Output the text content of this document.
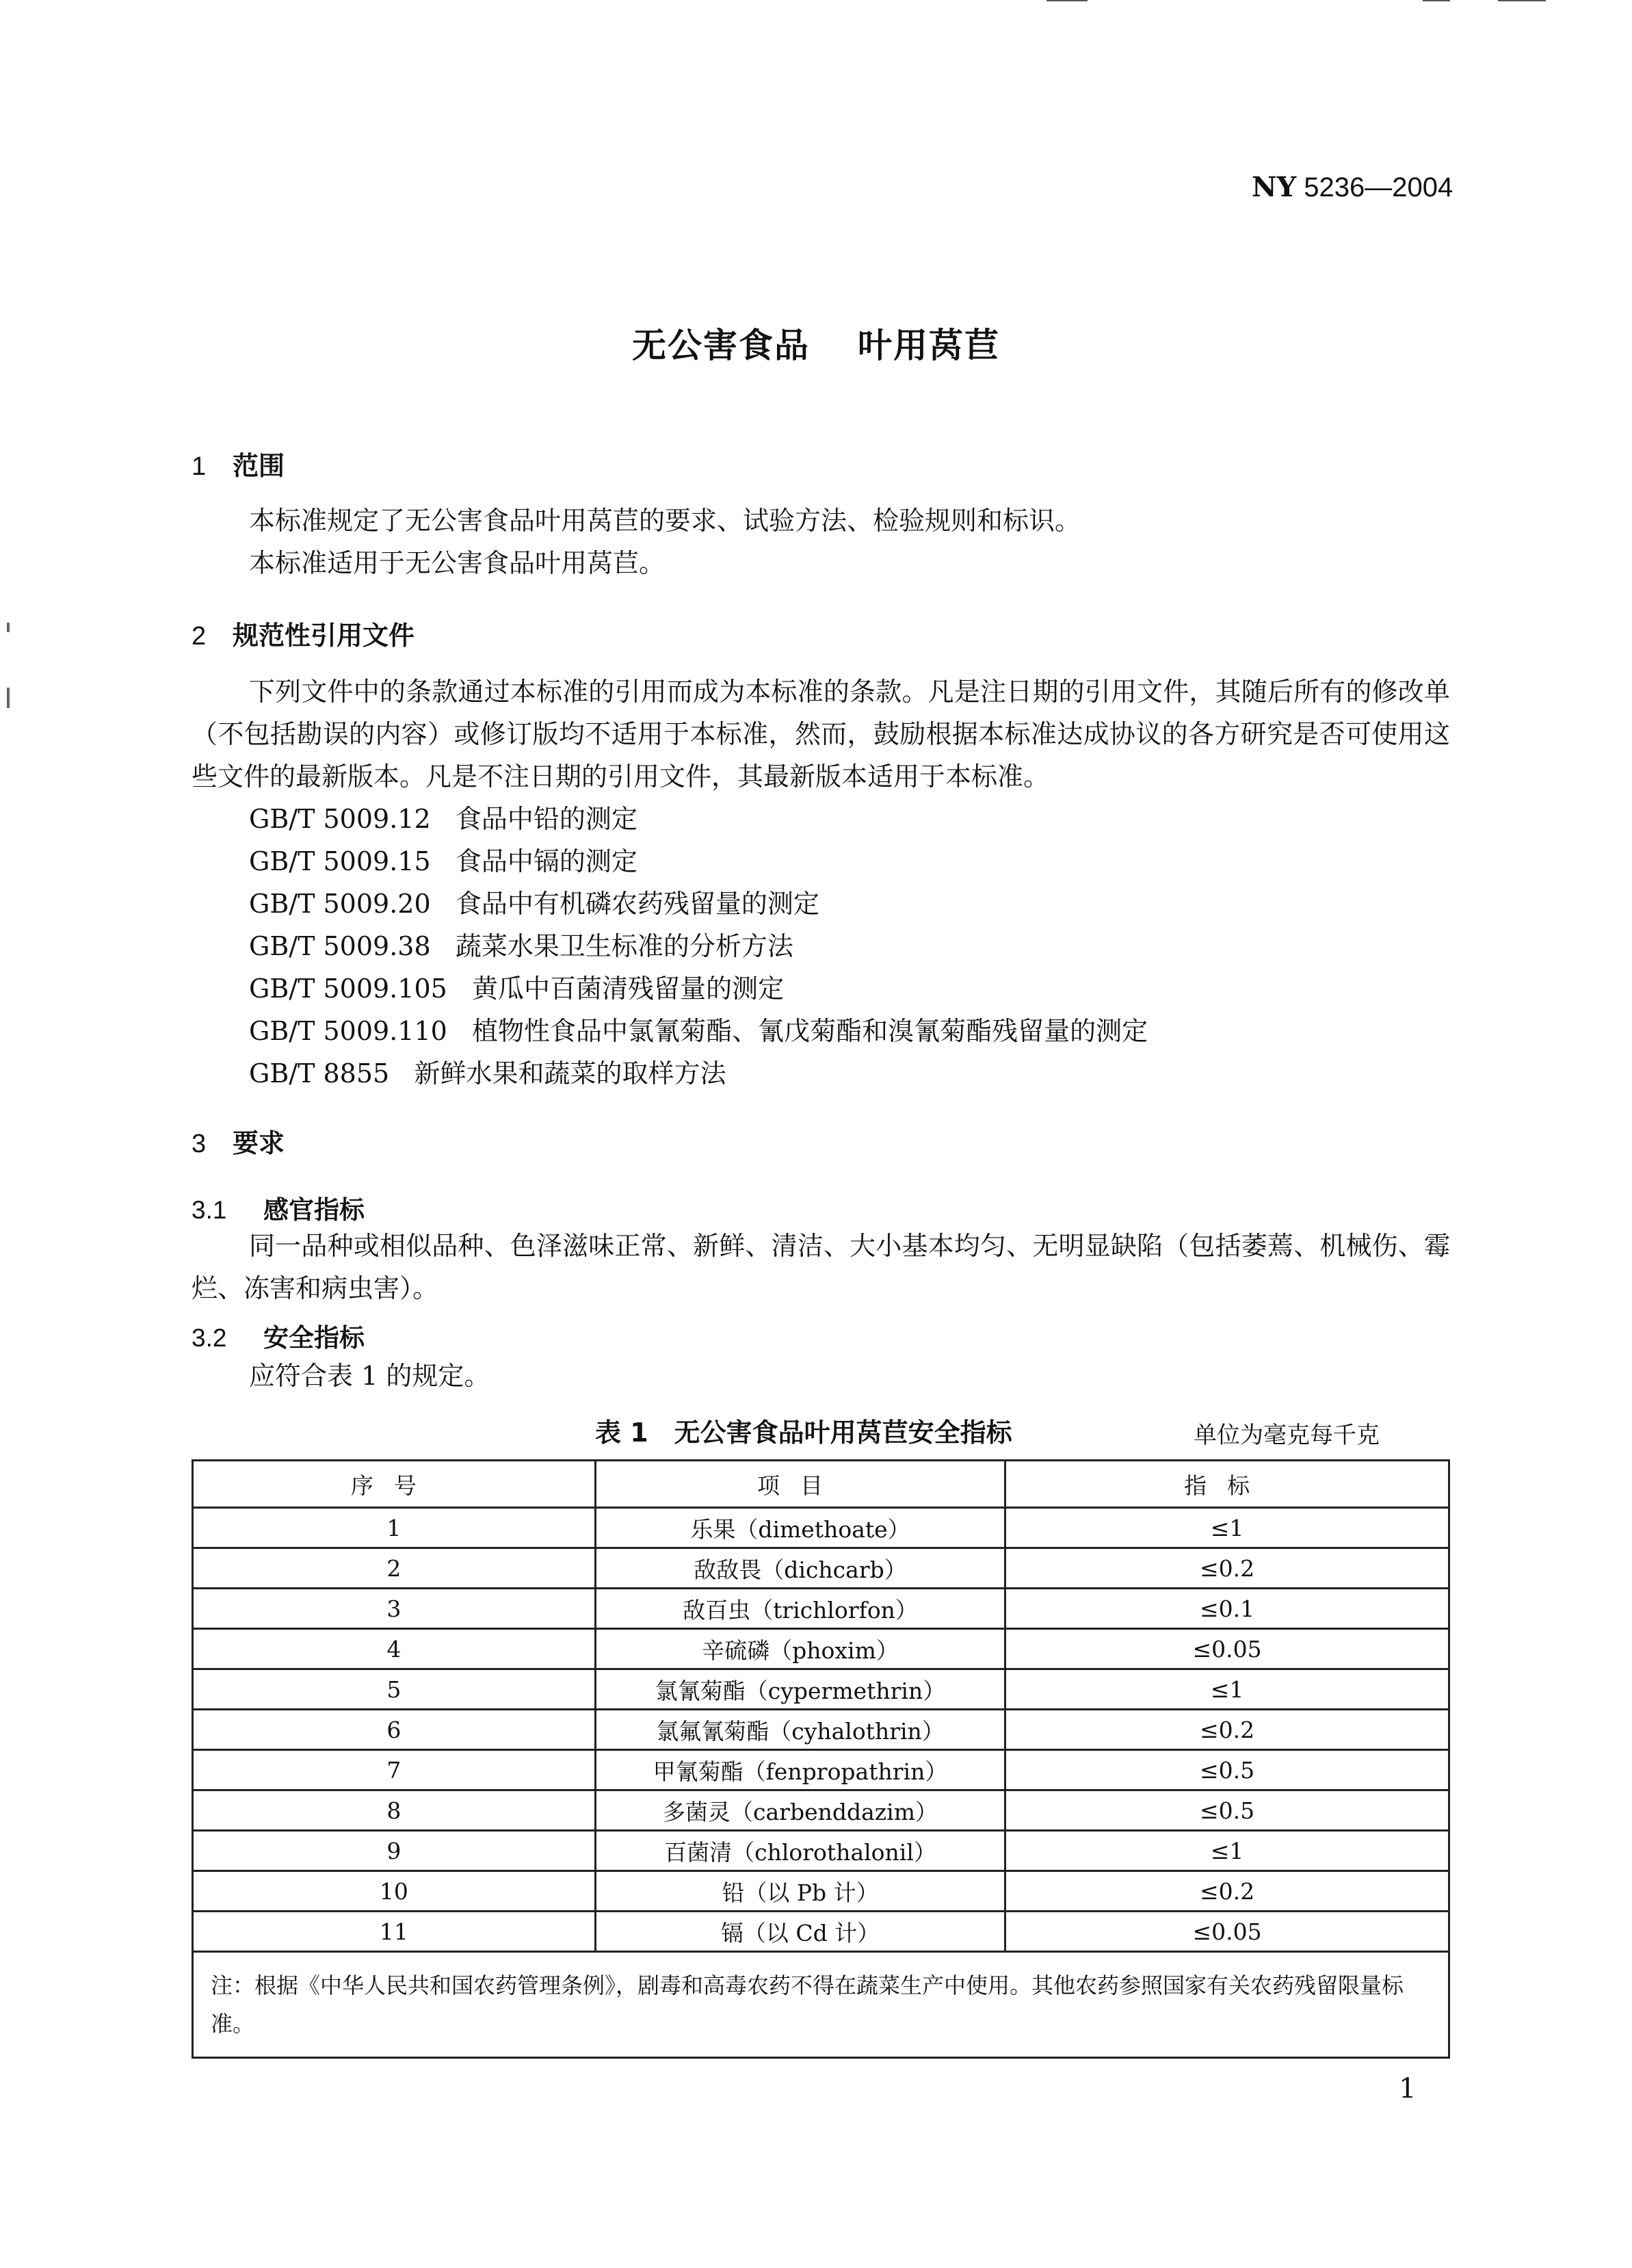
NY 5236—2004
无公害食品 叶用莴苣
1 范围
本标准规定了无公害食品叶用莴苣的要求、试验方法、检验规则和标识。
本标准适用于无公害食品叶用莴苣。
2 规范性引用文件
下列文件中的条款通过本标准的引用而成为本标准的条款。凡是注日期的引用文件，其随后所有的修改单（不包括勘误的内容）或修订版均不适用于本标准，然而，鼓励根据本标准达成协议的各方研究是否可使用这些文件的最新版本。凡是不注日期的引用文件，其最新版本适用于本标准。
GB/T 5009.12   食品中铅的测定
GB/T 5009.15   食品中镉的测定
GB/T 5009.20   食品中有机磷农药残留量的测定
GB/T 5009.38   蔬菜水果卫生标准的分析方法
GB/T 5009.105   黄瓜中百菌清残留量的测定
GB/T 5009.110   植物性食品中氯氰菊酯、氰戊菊酯和溴氰菊酯残留量的测定
GB/T 8855   新鲜水果和蔬菜的取样方法
3 要求
3.1 感官指标
同一品种或相似品种、色泽滋味正常、新鲜、清洁、大小基本均匀、无明显缺陷（包括萎蔫、机械伤、霉烂、冻害和病虫害）。
3.2 安全指标
应符合表 1 的规定。
表 1　无公害食品叶用莴苣安全指标	单位为毫克每千克
序号	项目	指标
1	乐果（dimethoate）	≤1
2	敌敌畏（dichcarb）	≤0.2
3	敌百虫（trichlorfon）	≤0.1
4	辛硫磷（phoxim）	≤0.05
5	氯氰菊酯（cypermethrin）	≤1
6	氯氟氰菊酯（cyhalothrin）	≤0.2
7	甲氰菊酯（fenpropathrin）	≤0.5
8	多菌灵（carbenddazim）	≤0.5
9	百菌清（chlorothalonil）	≤1
10	铅（以 Pb 计）	≤0.2
11	镉（以 Cd 计）	≤0.05
注：根据《中华人民共和国农药管理条例》，剧毒和高毒农药不得在蔬菜生产中使用。其他农药参照国家有关农药残留限量标准。		
1
